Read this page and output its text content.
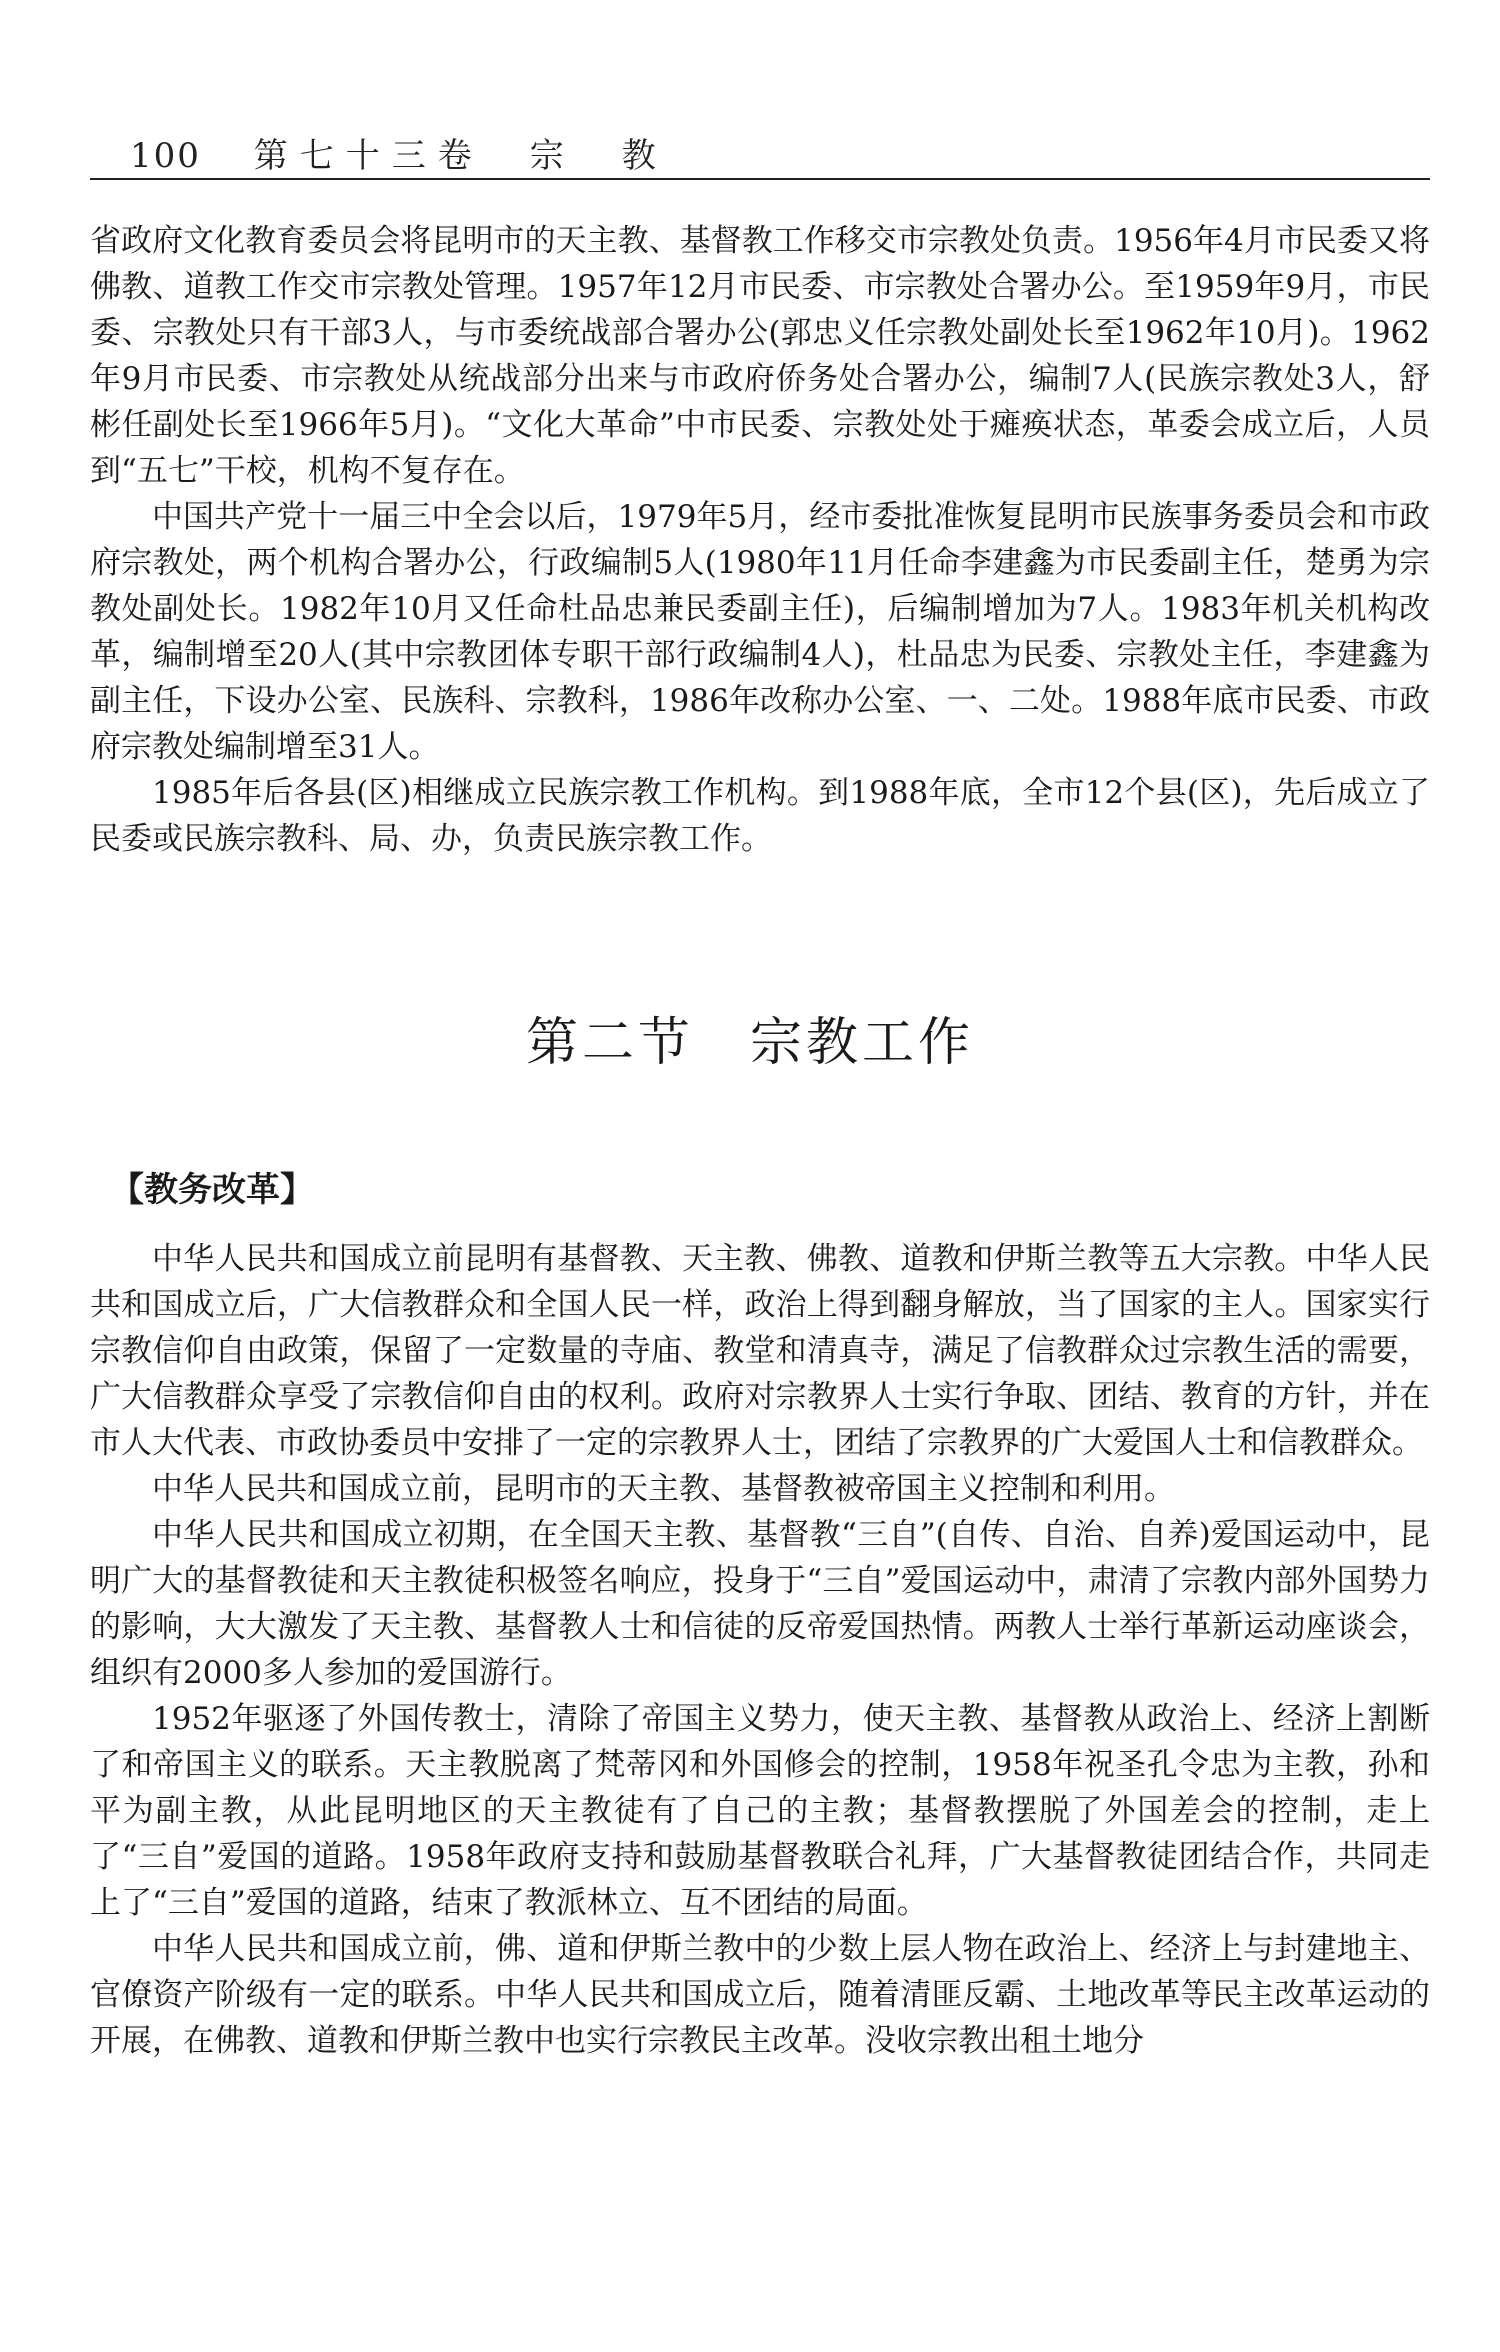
100 第七十三卷　宗　教

省政府文化教育委员会将昆明市的天主教、基督教工作移交市宗教处负责。1956年4月市民委又将佛教、道教工作交市宗教处管理。1957年12月市民委、市宗教处合署办公。至1959年9月，市民委、宗教处只有干部3人，与市委统战部合署办公(郭忠义任宗教处副处长至1962年10月)。1962年9月市民委、市宗教处从统战部分出来与市政府侨务处合署办公，编制7人(民族宗教处3人，舒彬任副处长至1966年5月)。“文化大革命”中市民委、宗教处处于瘫痪状态，革委会成立后，人员到“五七”干校，机构不复存在。

中国共产党十一届三中全会以后，1979年5月，经市委批准恢复昆明市民族事务委员会和市政府宗教处，两个机构合署办公，行政编制5人(1980年11月任命李建鑫为市民委副主任，楚勇为宗教处副处长。1982年10月又任命杜品忠兼民委副主任)，后编制增加为7人。1983年机关机构改革，编制增至20人(其中宗教团体专职干部行政编制4人)，杜品忠为民委、宗教处主任，李建鑫为副主任，下设办公室、民族科、宗教科，1986年改称办公室、一、二处。1988年底市民委、市政府宗教处编制增至31人。

1985年后各县(区)相继成立民族宗教工作机构。到1988年底，全市12个县(区)，先后成立了民委或民族宗教科、局、办，负责民族宗教工作。

第二节　宗教工作
【教务改革】

中华人民共和国成立前昆明有基督教、天主教、佛教、道教和伊斯兰教等五大宗教。中华人民共和国成立后，广大信教群众和全国人民一样，政治上得到翻身解放，当了国家的主人。国家实行宗教信仰自由政策，保留了一定数量的寺庙、教堂和清真寺，满足了信教群众过宗教生活的需要，广大信教群众享受了宗教信仰自由的权利。政府对宗教界人士实行争取、团结、教育的方针，并在市人大代表、市政协委员中安排了一定的宗教界人士，团结了宗教界的广大爱国人士和信教群众。

中华人民共和国成立前，昆明市的天主教、基督教被帝国主义控制和利用。

中华人民共和国成立初期，在全国天主教、基督教“三自”(自传、自治、自养)爱国运动中，昆明广大的基督教徒和天主教徒积极签名响应，投身于“三自”爱国运动中，肃清了宗教内部外国势力的影响，大大激发了天主教、基督教人士和信徒的反帝爱国热情。两教人士举行革新运动座谈会，组织有2000多人参加的爱国游行。

1952年驱逐了外国传教士，清除了帝国主义势力，使天主教、基督教从政治上、经济上割断了和帝国主义的联系。天主教脱离了梵蒂冈和外国修会的控制，1958年祝圣孔令忠为主教，孙和平为副主教，从此昆明地区的天主教徒有了自己的主教；基督教摆脱了外国差会的控制，走上了“三自”爱国的道路。1958年政府支持和鼓励基督教联合礼拜，广大基督教徒团结合作，共同走上了“三自”爱国的道路，结束了教派林立、互不团结的局面。

中华人民共和国成立前，佛、道和伊斯兰教中的少数上层人物在政治上、经济上与封建地主、官僚资产阶级有一定的联系。中华人民共和国成立后，随着清匪反霸、土地改革等民主改革运动的开展，在佛教、道教和伊斯兰教中也实行宗教民主改革。没收宗教出租土地分
